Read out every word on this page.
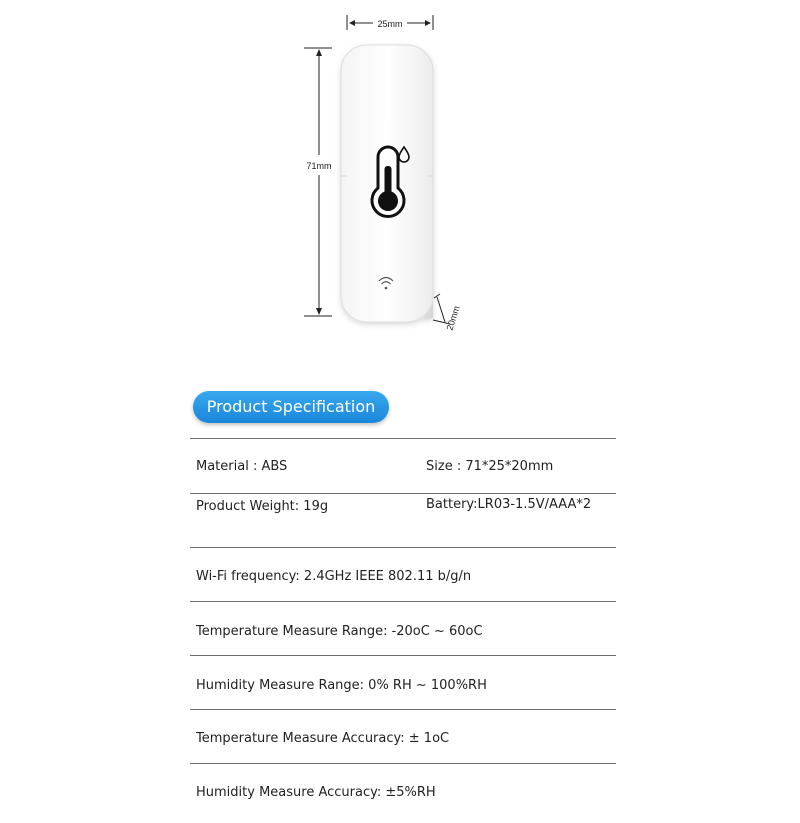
25mm
71mm
20mm
Product Specification
Material : ABS	Size : 71*25*20mm
Product Weight: 19g	Battery:LR03-1.5V/AAA*2
Wi-Fi frequency: 2.4GHz IEEE 802.11 b/g/n
Temperature Measure Range: -20oC ~ 60oC
Humidity Measure Range: 0% RH ~ 100%RH
Temperature Measure Accuracy: ± 1oC
Humidity Measure Accuracy: ±5%RH
